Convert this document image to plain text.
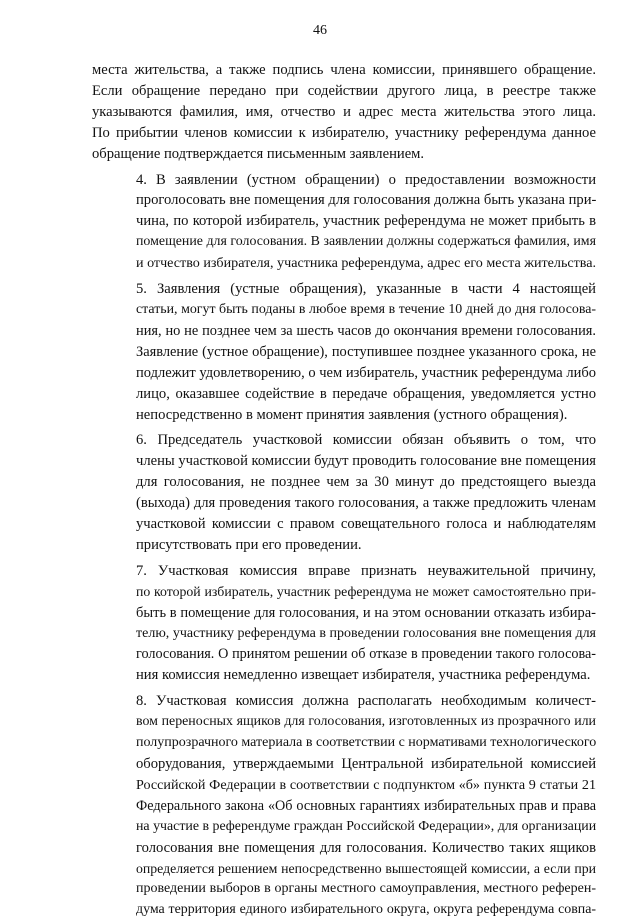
46

места жительства, а также подпись члена комиссии, принявшего обращение.
Если обращение передано при содействии другого лица, в реестре также
указываются фамилия, имя, отчество и адрес места жительства этого лица.
По прибытии членов комиссии к избирателю, участнику референдума данное
обращение подтверждается письменным заявлением.

4. В заявлении (устном обращении) о предоставлении возможности
проголосовать вне помещения для голосования должна быть указана при-
чина, по которой избиратель, участник референдума не может прибыть в
помещение для голосования. В заявлении должны содержаться фамилия, имя
и отчество избирателя, участника референдума, адрес его места жительства.

5. Заявления (устные обращения), указанные в части 4 настоящей
статьи, могут быть поданы в любое время в течение 10 дней до дня голосова-
ния, но не позднее чем за шесть часов до окончания времени голосования.
Заявление (устное обращение), поступившее позднее указанного срока, не
подлежит удовлетворению, о чем избиратель, участник референдума либо
лицо, оказавшее содействие в передаче обращения, уведомляется устно
непосредственно в момент принятия заявления (устного обращения).

6. Председатель участковой комиссии обязан объявить о том, что
члены участковой комиссии будут проводить голосование вне помещения
для голосования, не позднее чем за 30 минут до предстоящего выезда
(выхода) для проведения такого голосования, а также предложить членам
участковой комиссии с правом совещательного голоса и наблюдателям
присутствовать при его проведении.

7. Участковая комиссия вправе признать неуважительной причину,
по которой избиратель, участник референдума не может самостоятельно при-
быть в помещение для голосования, и на этом основании отказать избира-
телю, участнику референдума в проведении голосования вне помещения для
голосования. О принятом решении об отказе в проведении такого голосова-
ния комиссия немедленно извещает избирателя, участника референдума.

8. Участковая комиссия должна располагать необходимым количест-
вом переносных ящиков для голосования, изготовленных из прозрачного или
полупрозрачного материала в соответствии с нормативами технологического
оборудования, утверждаемыми Центральной избирательной комиссией
Российской Федерации в соответствии с подпунктом «б» пункта 9 статьи 21
Федерального закона «Об основных гарантиях избирательных прав и права
на участие в референдуме граждан Российской Федерации», для организации
голосования вне помещения для голосования. Количество таких ящиков
определяется решением непосредственно вышестоящей комиссии, а если при
проведении выборов в органы местного самоуправления, местного референ-
дума территория единого избирательного округа, округа референдума совпа-
